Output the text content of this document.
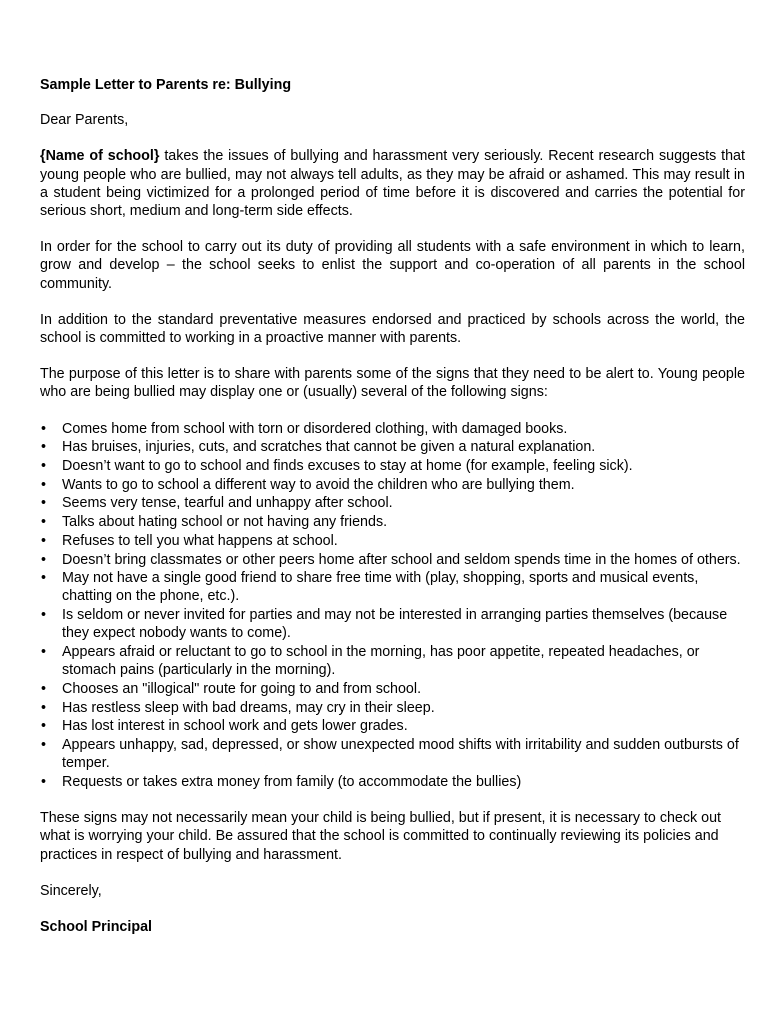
Sample Letter to Parents re: Bullying
Dear Parents,
{Name of school} takes the issues of bullying and harassment very seriously. Recent research suggests that young people who are bullied, may not always tell adults, as they may be afraid or ashamed. This may result in a student being victimized for a prolonged period of time before it is discovered and carries the potential for serious short, medium and long-term side effects.
In order for the school to carry out its duty of providing all students with a safe environment in which to learn, grow and develop – the school seeks to enlist the support and co-operation of all parents in the school community.
In addition to the standard preventative measures endorsed and practiced by schools across the world, the school is committed to working in a proactive manner with parents.
The purpose of this letter is to share with parents some of the signs that they need to be alert to. Young people who are being bullied may display one or (usually) several of the following signs:
• Comes home from school with torn or disordered clothing, with damaged books.
• Has bruises, injuries, cuts, and scratches that cannot be given a natural explanation.
• Doesn’t want to go to school and finds excuses to stay at home (for example, feeling sick).
• Wants to go to school a different way to avoid the children who are bullying them.
• Seems very tense, tearful and unhappy after school.
• Talks about hating school or not having any friends.
• Refuses to tell you what happens at school.
• Doesn’t bring classmates or other peers home after school and seldom spends time in the homes of others.
• May not have a single good friend to share free time with (play, shopping, sports and musical events, chatting on the phone, etc.).
• Is seldom or never invited for parties and may not be interested in arranging parties themselves (because they expect nobody wants to come).
• Appears afraid or reluctant to go to school in the morning, has poor appetite, repeated headaches, or stomach pains (particularly in the morning).
• Chooses an "illogical" route for going to and from school.
• Has restless sleep with bad dreams, may cry in their sleep.
• Has lost interest in school work and gets lower grades.
• Appears unhappy, sad, depressed, or show unexpected mood shifts with irritability and sudden outbursts of temper.
• Requests or takes extra money from family (to accommodate the bullies)
These signs may not necessarily mean your child is being bullied, but if present, it is necessary to check out what is worrying your child. Be assured that the school is committed to continually reviewing its policies and practices in respect of bullying and harassment.
Sincerely,
School Principal
